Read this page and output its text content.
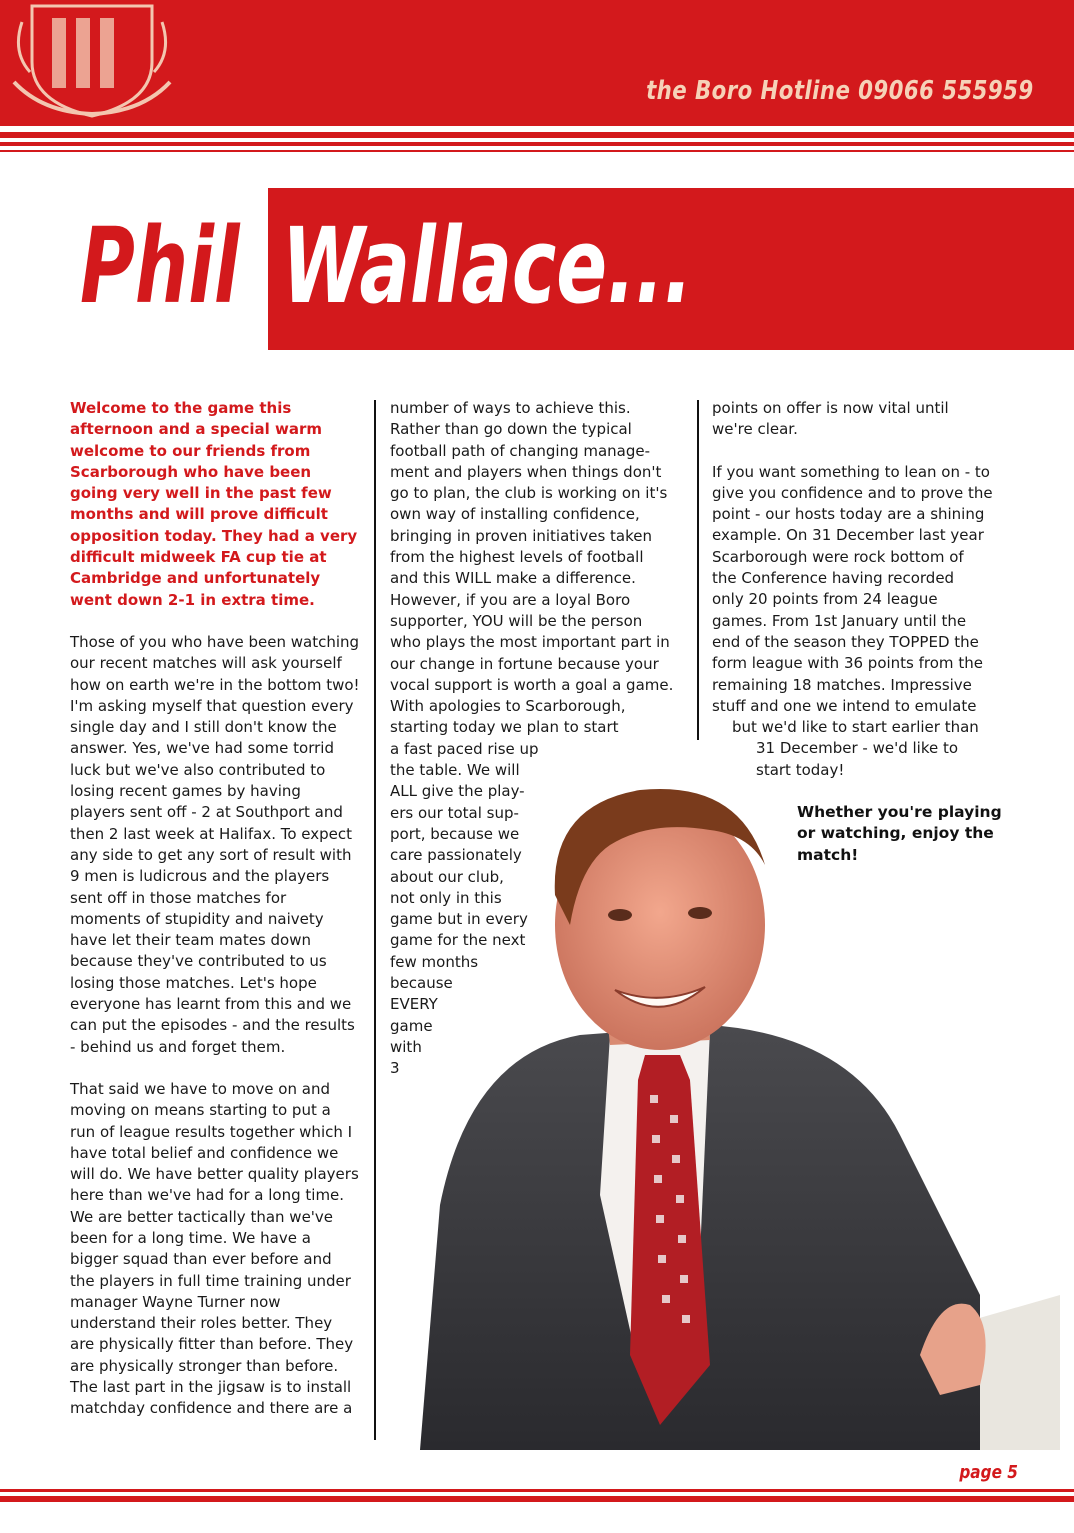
the Boro Hotline 09066 555959
Phil Wallace...

Welcome to the game this afternoon and a special warm welcome to our friends from Scarborough who have been going very well in the past few months and will prove difficult opposition today. They had a very difficult midweek FA cup tie at Cambridge and unfortunately went down 2-1 in extra time.

Those of you who have been watching our recent matches will ask yourself how on earth we're in the bottom two! I'm asking myself that question every single day and I still don't know the answer. Yes, we've had some torrid luck but we've also contributed to losing recent games by having players sent off - 2 at Southport and then 2 last week at Halifax. To expect any side to get any sort of result with 9 men is ludicrous and the players sent off in those matches for moments of stupidity and naivety have let their team mates down because they've contributed to us losing those matches. Let's hope everyone has learnt from this and we can put the episodes - and the results - behind us and forget them.

That said we have to move on and moving on means starting to put a run of league results together which I have total belief and confidence we will do. We have better quality players here than we've had for a long time. We are better tactically than we've been for a long time. We have a bigger squad than ever before and the players in full time training under manager Wayne Turner now understand their roles better. They are physically fitter than before. They are physically stronger than before. The last part in the jigsaw is to install matchday confidence and there are a

number of ways to achieve this.
Rather than go down the typical
football path of changing manage-
ment and players when things don't
go to plan, the club is working on it's
own way of installing confidence,
bringing in proven initiatives taken
from the highest levels of football
and this WILL make a difference.
However, if you are a loyal Boro
supporter, YOU will be the person
who plays the most important part in
our change in fortune because your
vocal support is worth a goal a game.
With apologies to Scarborough,
starting today we plan to start
a fast paced rise up
the table. We will
ALL give the play-
ers our total sup-
port, because we
care passionately
about our club,
not only in this
game but in every
game for the next
few months
because
EVERY
game
with
3
points on offer is now vital until
we're clear.
If you want something to lean on - to
give you confidence and to prove the
point - our hosts today are a shining
example. On 31 December last year
Scarborough were rock bottom of
the Conference having recorded
only 20 points from 24 league
games. From 1st January until the
end of the season they TOPPED the
form league with 36 points from the
remaining 18 matches. Impressive
stuff and one we intend to emulate
but we'd like to start earlier than
31 December - we'd like to
start today!
Whether you're playing
or watching, enjoy the
match!
page 5
